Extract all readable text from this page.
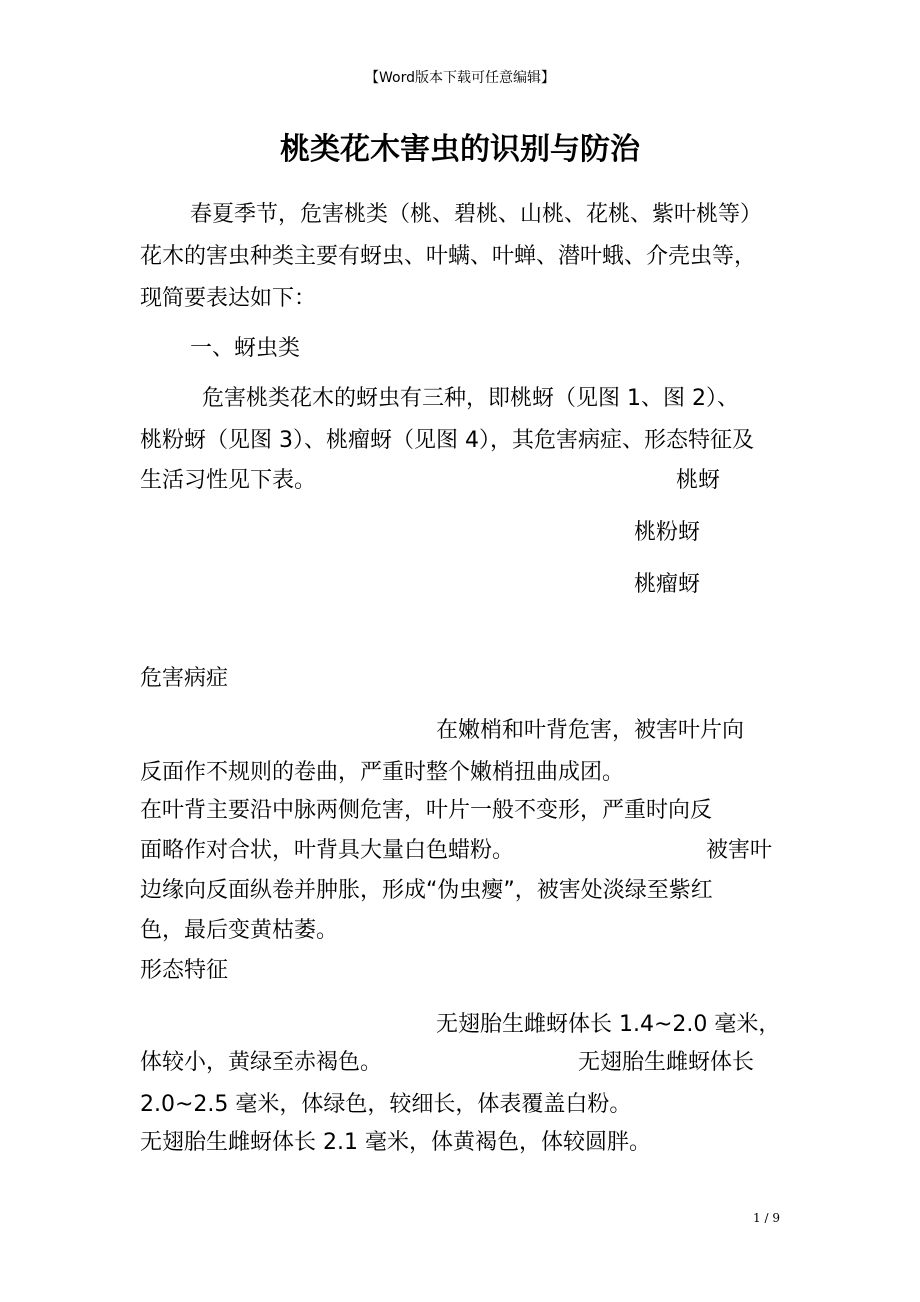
【Word版本下载可任意编辑】
桃类花木害虫的识别与防治
春夏季节，危害桃类（桃、碧桃、山桃、花桃、紫叶桃等）
花木的害虫种类主要有蚜虫、叶螨、叶蝉、潜叶蛾、介壳虫等，
现简要表达如下：
一、蚜虫类
危害桃类花木的蚜虫有三种，即桃蚜（见图 1、图 2）、
桃粉蚜（见图 3）、桃瘤蚜（见图 4），其危害病症、形态特征及
生活习性见下表。	桃蚜
桃粉蚜
桃瘤蚜
危害病症
在嫩梢和叶背危害，被害叶片向
反面作不规则的卷曲，严重时整个嫩梢扭曲成团。
在叶背主要沿中脉两侧危害，叶片一般不变形，严重时向反
面略作对合状，叶背具大量白色蜡粉。	被害叶
边缘向反面纵卷并肿胀，形成“伪虫瘿”，被害处淡绿至紫红
色，最后变黄枯萎。
形态特征
无翅胎生雌蚜体长 1.4~2.0 毫米，
体较小，黄绿至赤褐色。	无翅胎生雌蚜体长
2.0~2.5 毫米，体绿色，较细长，体表覆盖白粉。
无翅胎生雌蚜体长 2.1 毫米，体黄褐色，体较圆胖。
1 / 9
